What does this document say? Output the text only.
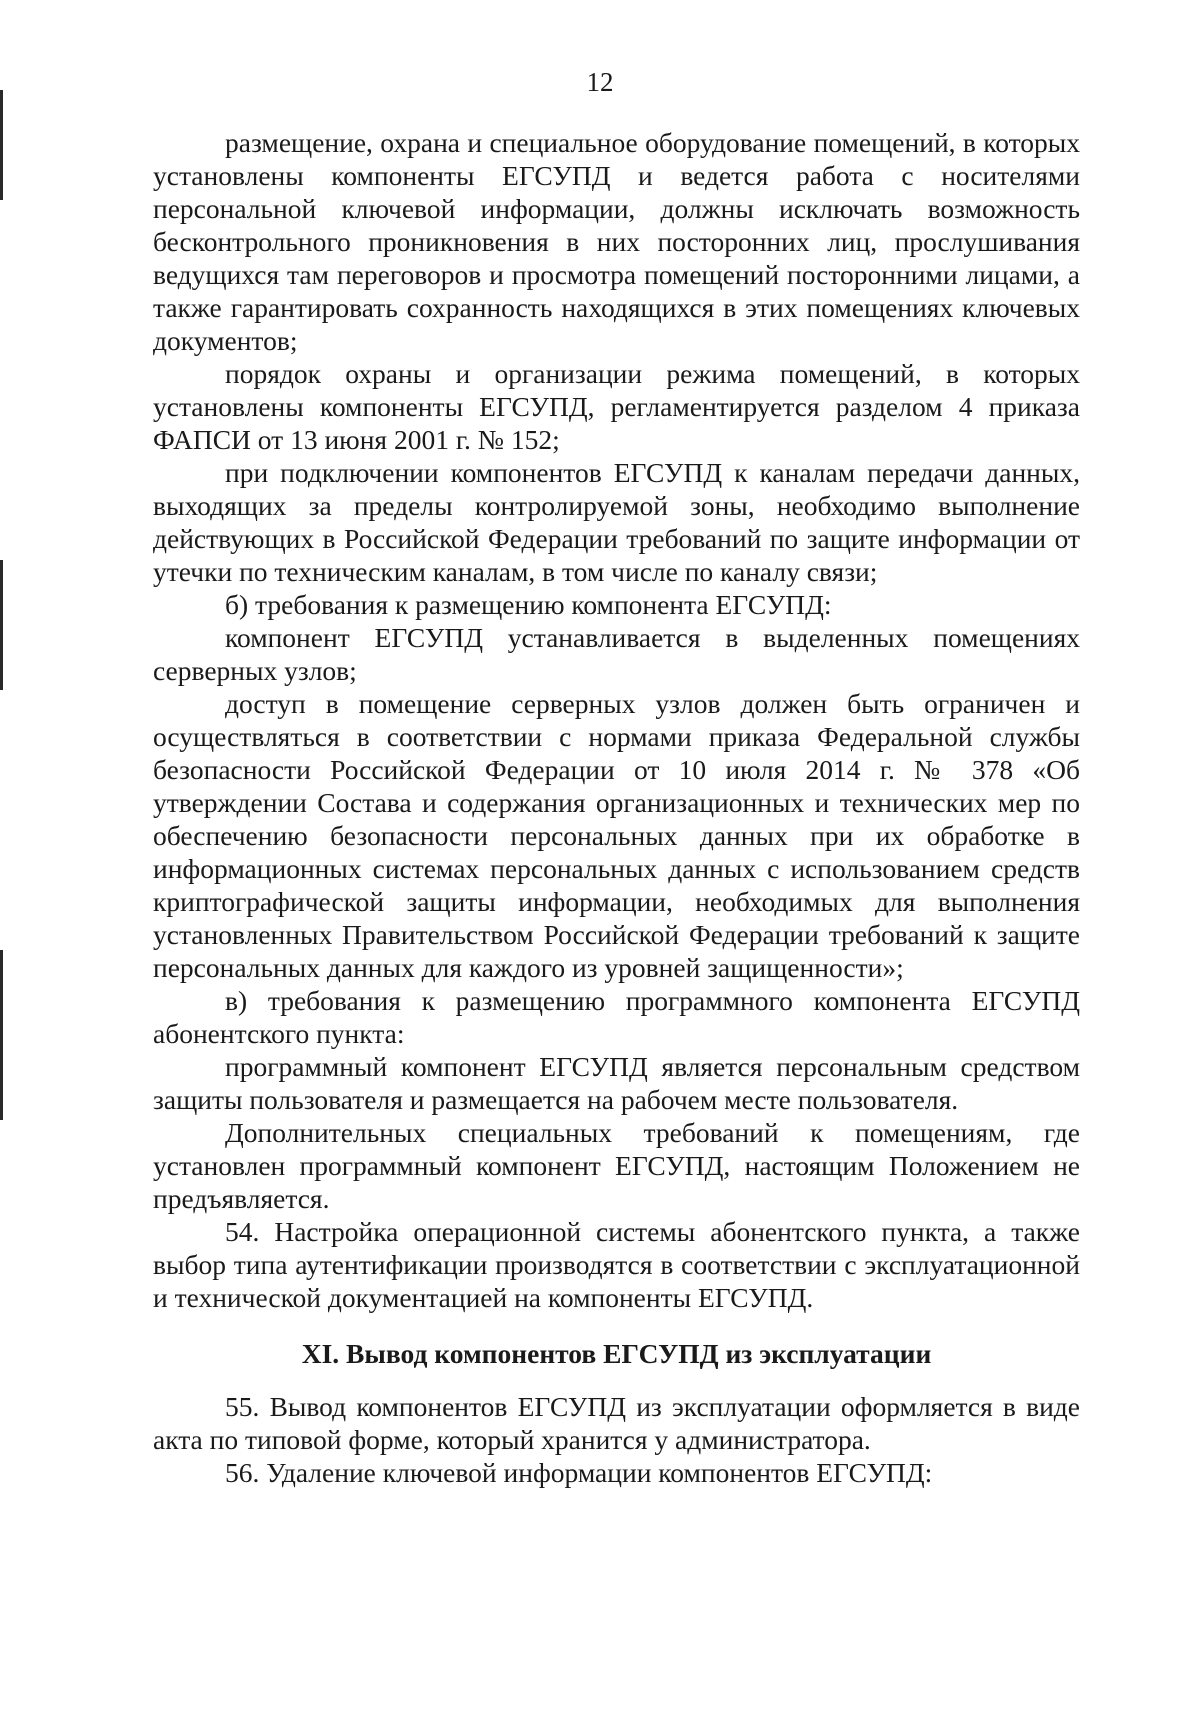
12

размещение, охрана и специальное оборудование помещений, в которых установлены компоненты ЕГСУПД и ведется работа с носителями персональной ключевой информации, должны исключать возможность бесконтрольного проникновения в них посторонних лиц, прослушивания ведущихся там переговоров и просмотра помещений посторонними лицами, а также гарантировать сохранность находящихся в этих помещениях ключевых документов;

порядок охраны и организации режима помещений, в которых установлены компоненты ЕГСУПД, регламентируется разделом 4 приказа ФАПСИ от 13 июня 2001 г. № 152;

при подключении компонентов ЕГСУПД к каналам передачи данных, выходящих за пределы контролируемой зоны, необходимо выполнение действующих в Российской Федерации требований по защите информации от утечки по техническим каналам, в том числе по каналу связи;

б) требования к размещению компонента ЕГСУПД:

компонент ЕГСУПД устанавливается в выделенных помещениях серверных узлов;

доступ в помещение серверных узлов должен быть ограничен и осуществляться в соответствии с нормами приказа Федеральной службы безопасности Российской Федерации от 10 июля 2014 г. № 378 «Об утверждении Состава и содержания организационных и технических мер по обеспечению безопасности персональных данных при их обработке в информационных системах персональных данных с использованием средств криптографической защиты информации, необходимых для выполнения установленных Правительством Российской Федерации требований к защите персональных данных для каждого из уровней защищенности»;

в) требования к размещению программного компонента ЕГСУПД абонентского пункта:

программный компонент ЕГСУПД является персональным средством защиты пользователя и размещается на рабочем месте пользователя.

Дополнительных специальных требований к помещениям, где установлен программный компонент ЕГСУПД, настоящим Положением не предъявляется.

54. Настройка операционной системы абонентского пункта, а также выбор типа аутентификации производятся в соответствии с эксплуатационной и технической документацией на компоненты ЕГСУПД.

XI. Вывод компонентов ЕГСУПД из эксплуатации

55. Вывод компонентов ЕГСУПД из эксплуатации оформляется в виде акта по типовой форме, который хранится у администратора.

56. Удаление ключевой информации компонентов ЕГСУПД:
